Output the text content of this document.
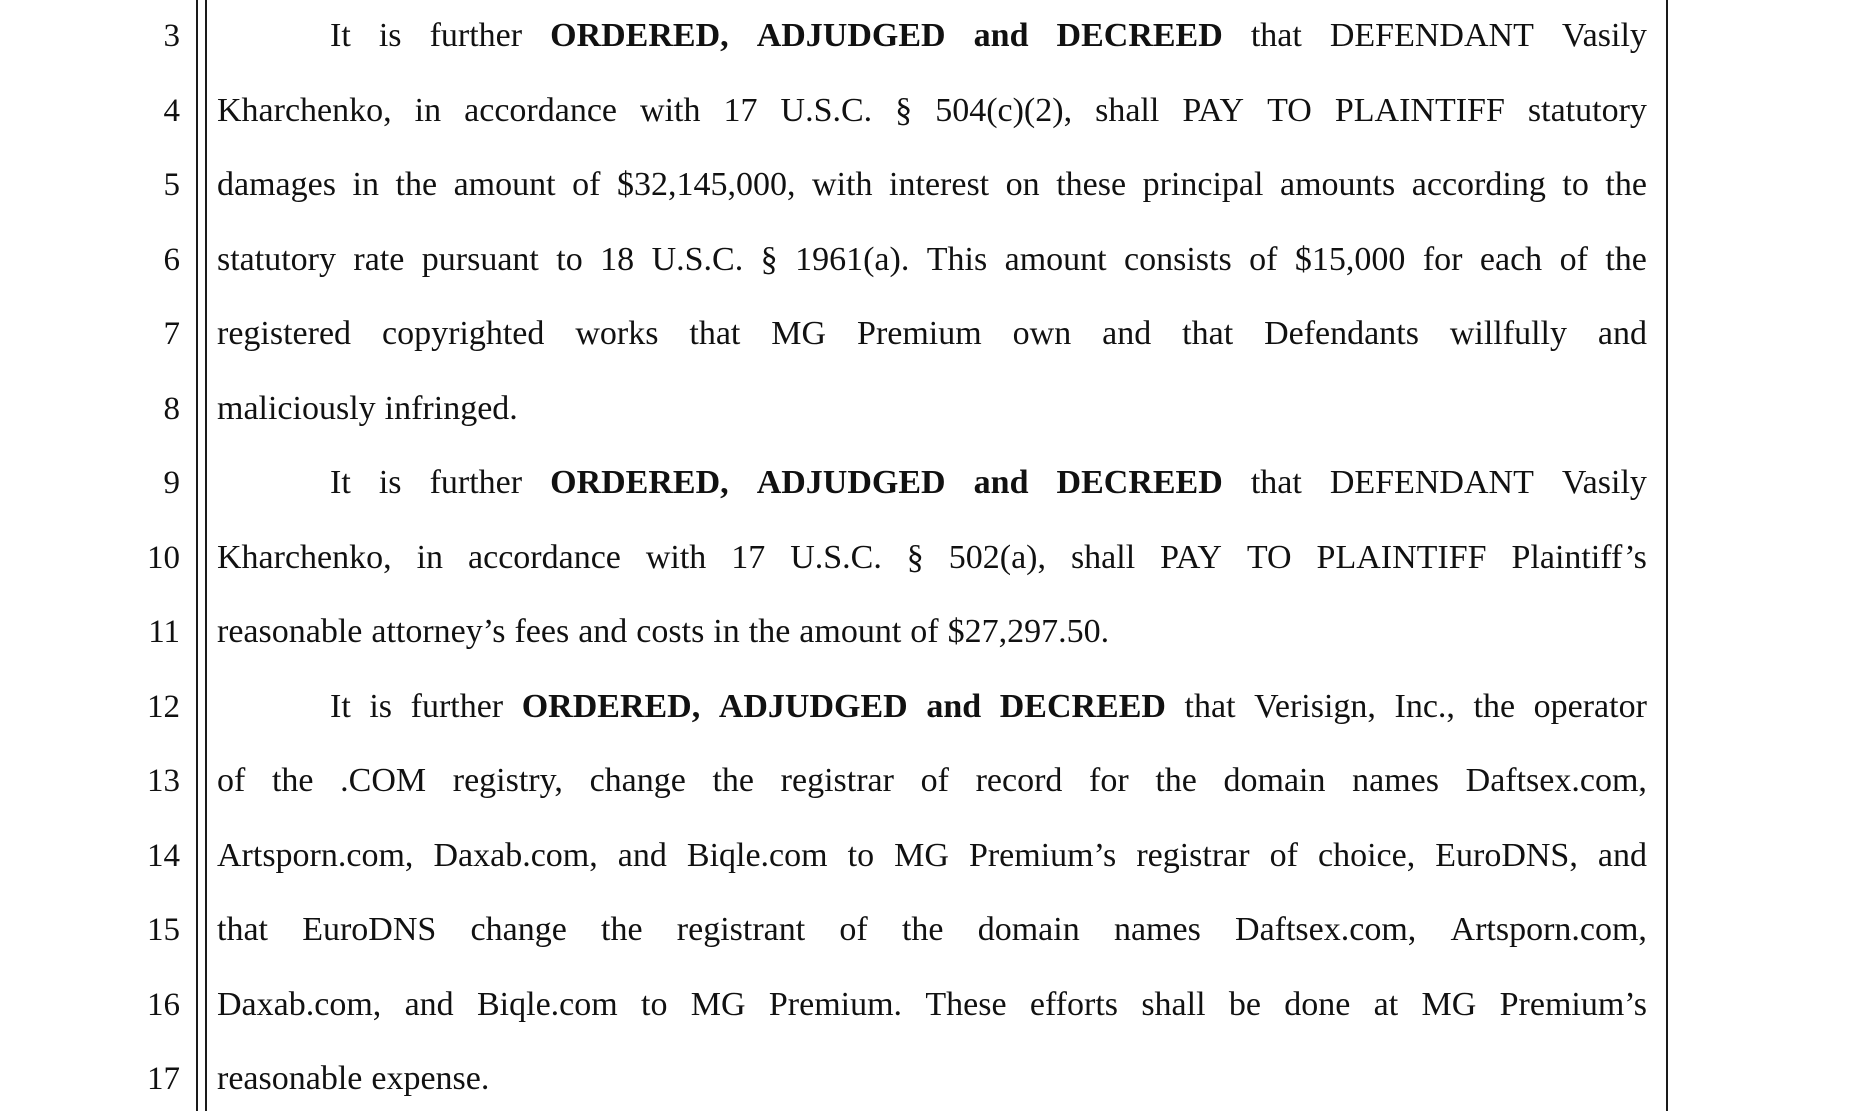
3
4
5
6
7
8
9
10
11
12
13
14
15
16
17
It is further ORDERED, ADJUDGED and DECREED that DEFENDANT Vasily
Kharchenko, in accordance with 17 U.S.C. § 504(c)(2), shall PAY TO PLAINTIFF statutory
damages in the amount of $32,145,000, with interest on these principal amounts according to the
statutory rate pursuant to 18 U.S.C. § 1961(a). This amount consists of $15,000 for each of the
registered copyrighted works that MG Premium own and that Defendants willfully and
maliciously infringed.
It is further ORDERED, ADJUDGED and DECREED that DEFENDANT Vasily
Kharchenko, in accordance with 17 U.S.C. § 502(a), shall PAY TO PLAINTIFF Plaintiff’s
reasonable attorney’s fees and costs in the amount of $27,297.50.
It is further ORDERED, ADJUDGED and DECREED that Verisign, Inc., the operator
of the .COM registry, change the registrar of record for the domain names Daftsex.com,
Artsporn.com, Daxab.com, and Biqle.com to MG Premium’s registrar of choice, EuroDNS, and
that EuroDNS change the registrant of the domain names Daftsex.com, Artsporn.com,
Daxab.com, and Biqle.com to MG Premium. These efforts shall be done at MG Premium’s
reasonable expense.
